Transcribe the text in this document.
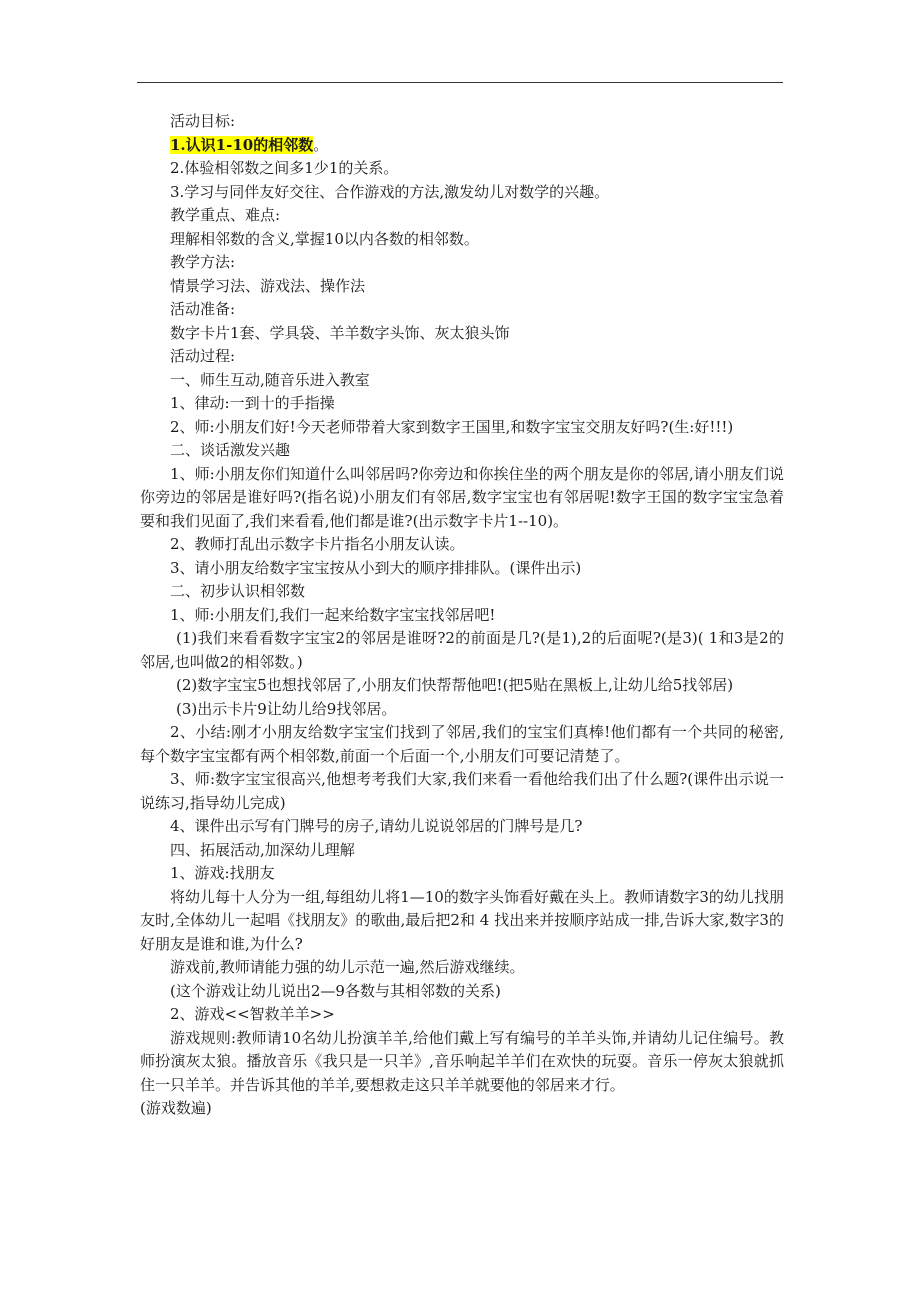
活动目标:

1.认识1-10的相邻数。

2.体验相邻数之间多1少1的关系。

3.学习与同伴友好交往、合作游戏的方法,激发幼儿对数学的兴趣。

教学重点、难点:

理解相邻数的含义,掌握10以内各数的相邻数。

教学方法:

情景学习法、游戏法、操作法

活动准备:

数字卡片1套、学具袋、羊羊数字头饰、灰太狼头饰

活动过程:

一、师生互动,随音乐进入教室

1、律动:一到十的手指操

2、师:小朋友们好!今天老师带着大家到数字王国里,和数字宝宝交朋友好吗?(生:好!!!)

二、谈话激发兴趣

1、师:小朋友你们知道什么叫邻居吗?你旁边和你挨住坐的两个朋友是你的邻居,请小朋友们说你旁边的邻居是谁好吗?(指名说)小朋友们有邻居,数字宝宝也有邻居呢!数字王国的数字宝宝急着要和我们见面了,我们来看看,他们都是谁?(出示数字卡片1--10)。

2、教师打乱出示数字卡片指名小朋友认读。

3、请小朋友给数字宝宝按从小到大的顺序排排队。(课件出示)

二、初步认识相邻数

1、师:小朋友们,我们一起来给数字宝宝找邻居吧!

(1)我们来看看数字宝宝2的邻居是谁呀?2的前面是几?(是1),2的后面呢?(是3)( 1和3是2的邻居,也叫做2的相邻数。)

(2)数字宝宝5也想找邻居了,小朋友们快帮帮他吧!(把5贴在黑板上,让幼儿给5找邻居)

(3)出示卡片9让幼儿给9找邻居。

2、小结:刚才小朋友给数字宝宝们找到了邻居,我们的宝宝们真棒!他们都有一个共同的秘密,每个数字宝宝都有两个相邻数,前面一个后面一个,小朋友们可要记清楚了。

3、师:数字宝宝很高兴,他想考考我们大家,我们来看一看他给我们出了什么题?(课件出示说一说练习,指导幼儿完成)

4、课件出示写有门牌号的房子,请幼儿说说邻居的门牌号是几?

四、拓展活动,加深幼儿理解

1、游戏:找朋友

将幼儿每十人分为一组,每组幼儿将1—10的数字头饰看好戴在头上。教师请数字3的幼儿找朋友时,全体幼儿一起唱《找朋友》的歌曲,最后把2和 4 找出来并按顺序站成一排,告诉大家,数字3的好朋友是谁和谁,为什么?

游戏前,教师请能力强的幼儿示范一遍,然后游戏继续。

(这个游戏让幼儿说出2—9各数与其相邻数的关系)

2、游戏<<智救羊羊>>

游戏规则:教师请10名幼儿扮演羊羊,给他们戴上写有编号的羊羊头饰,并请幼儿记住编号。教师扮演灰太狼。播放音乐《我只是一只羊》,音乐响起羊羊们在欢快的玩耍。音乐一停灰太狼就抓住一只羊羊。并告诉其他的羊羊,要想救走这只羊羊就要他的邻居来才行。

(游戏数遍)
